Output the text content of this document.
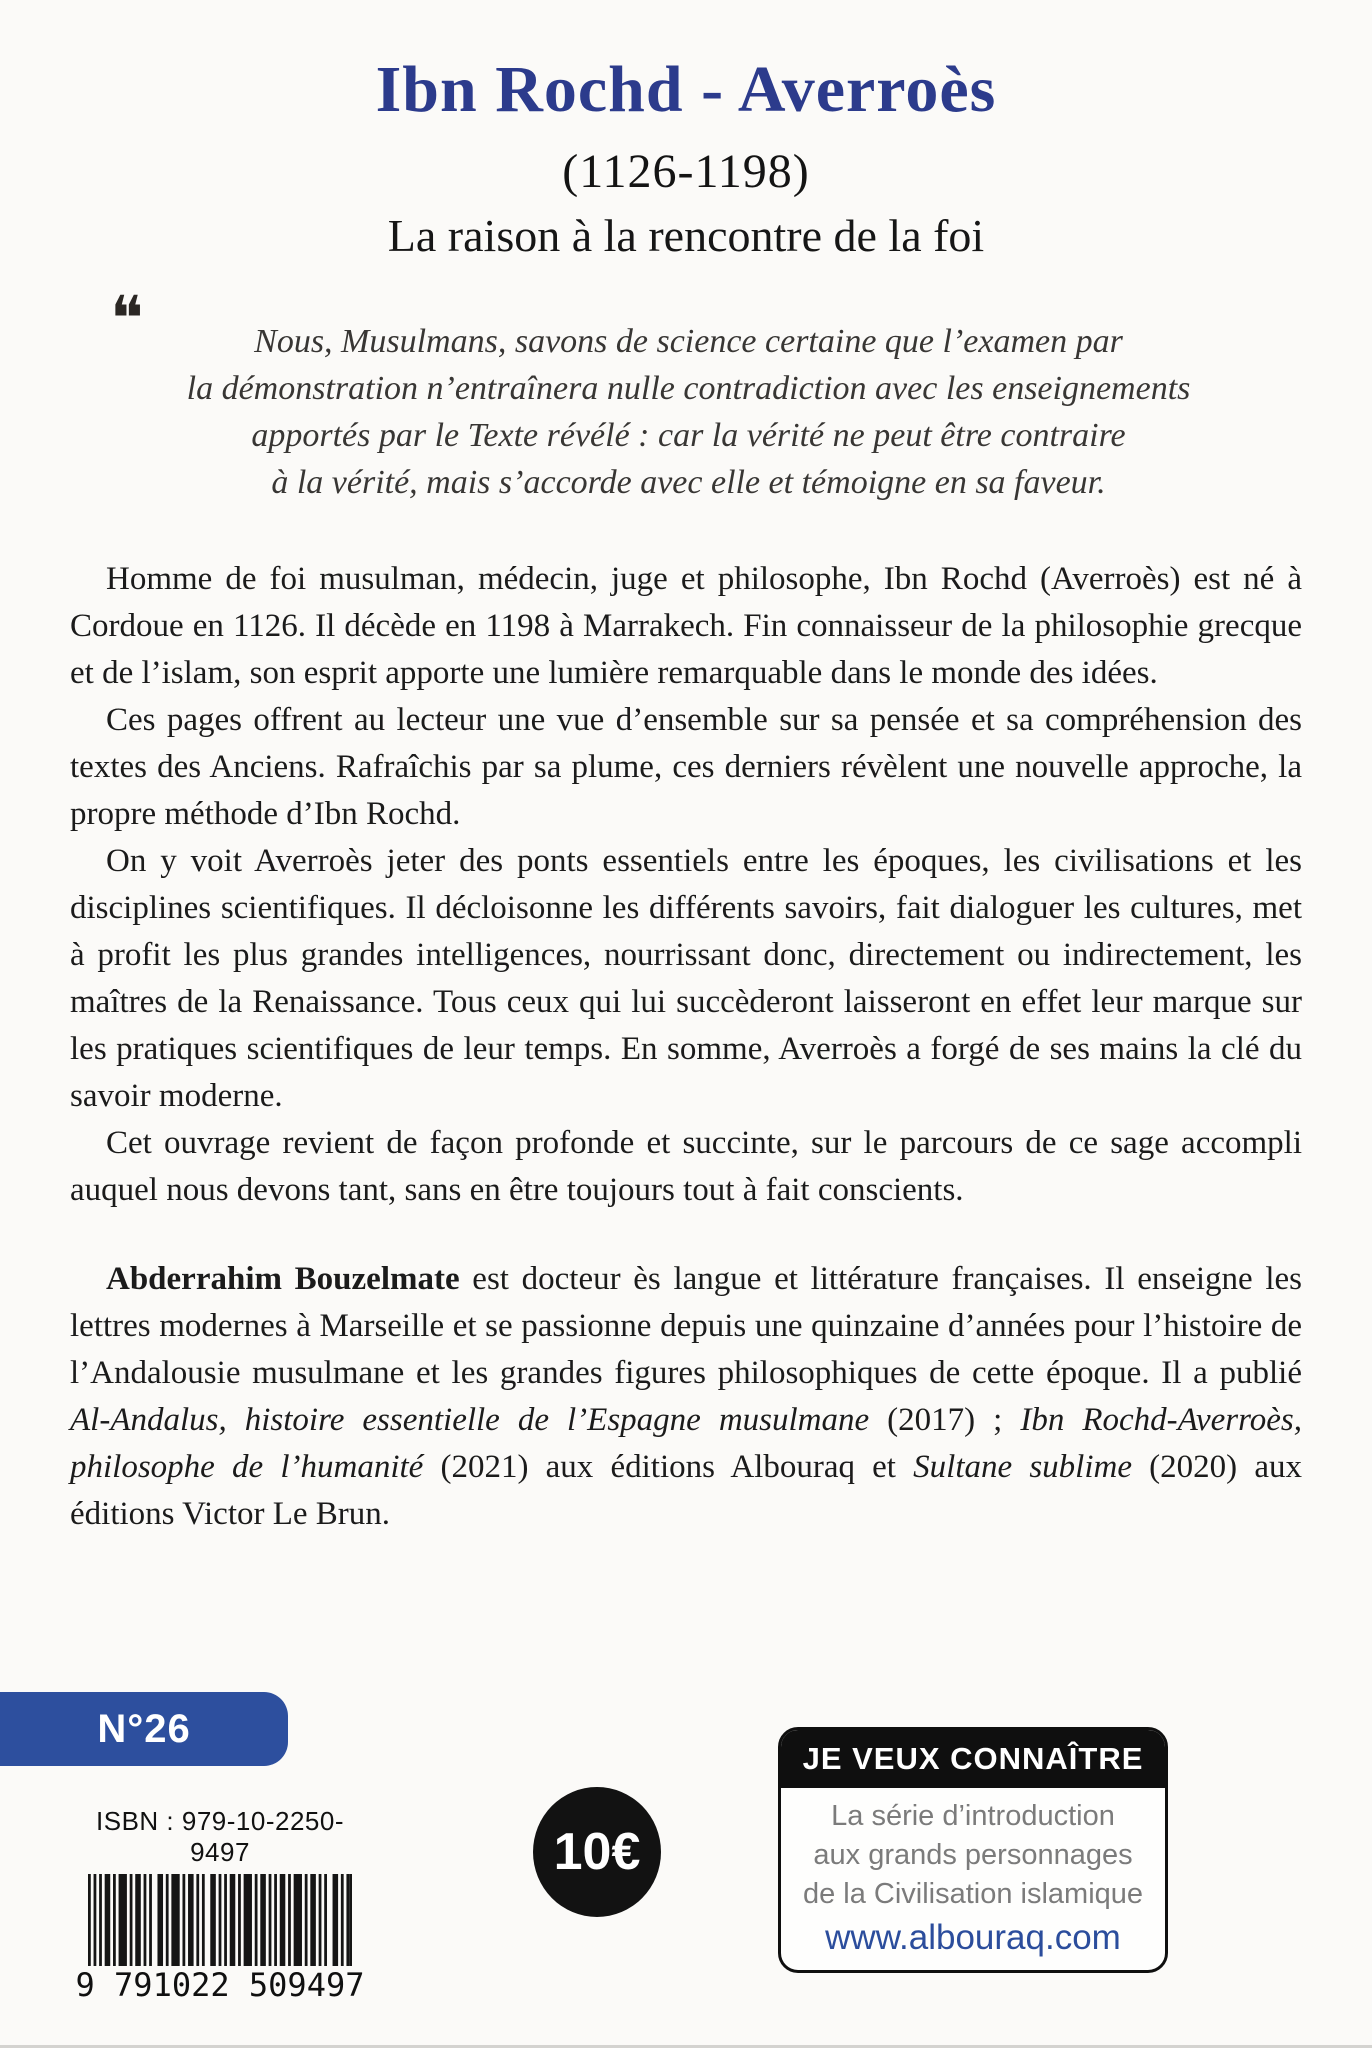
Ibn Rochd - Averroès
(1126-1198)
La raison à la rencontre de la foi
❝	Nous, Musulmans, savons de science certaine que l’examen par
la démonstration n’entraînera nulle contradiction avec les enseignements
apportés par le Texte révélé : car la vérité ne peut être contraire
à la vérité, mais s’accorde avec elle et témoigne en sa faveur.

Homme de foi musulman, médecin, juge et philosophe, Ibn Rochd (Averroès) est né à Cordoue en 1126. Il décède en 1198 à Marrakech. Fin connaisseur de la philosophie grecque et de l’islam, son esprit apporte une lumière remarquable dans le monde des idées.

Ces pages offrent au lecteur une vue d’ensemble sur sa pensée et sa compréhension des textes des Anciens. Rafraîchis par sa plume, ces derniers révèlent une nouvelle approche, la propre méthode d’Ibn Rochd.

On y voit Averroès jeter des ponts essentiels entre les époques, les civilisations et les disciplines scientifiques. Il décloisonne les différents savoirs, fait dialoguer les cultures, met à profit les plus grandes intelligences, nourrissant donc, directement ou indirectement, les maîtres de la Renaissance. Tous ceux qui lui succèderont laisseront en effet leur marque sur les pratiques scientifiques de leur temps. En somme, Averroès a forgé de ses mains la clé du savoir moderne.

Cet ouvrage revient de façon profonde et succinte, sur le parcours de ce sage accompli auquel nous devons tant, sans en être toujours tout à fait conscients.

Abderrahim Bouzelmate est docteur ès langue et littérature françaises. Il enseigne les lettres modernes à Marseille et se passionne depuis une quinzaine d’années pour l’histoire de l’Andalousie musulmane et les grandes figures philosophiques de cette époque. Il a publié Al-Andalus, histoire essentielle de l’Espagne musulmane (2017) ; Ibn Rochd-Averroès, philosophe de l’humanité (2021) aux éditions Albouraq et Sultane sublime (2020) aux éditions Victor Le Brun.

N°26
ISBN : 979-10-2250-9497
9 791022 509497
10€
JE VEUX CONNAÎTRE
La série d’introduction
aux grands personnages
de la Civilisation islamique
www.albouraq.com
